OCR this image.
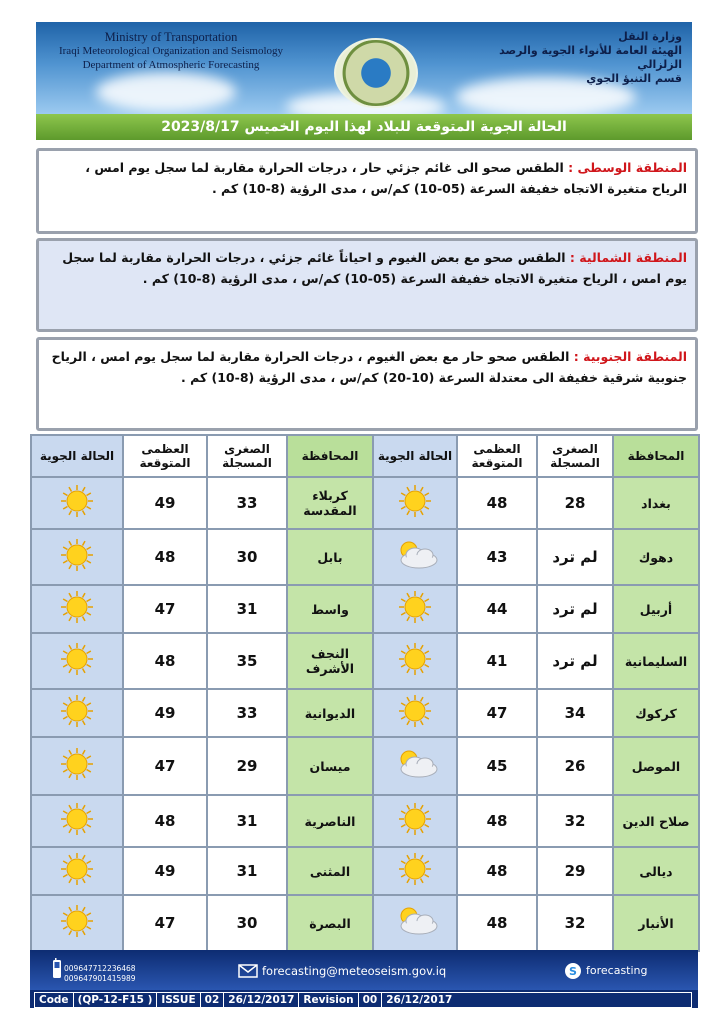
Ministry of Transportation
Iraqi Meteorological Organization and Seismology
Department of Atmospheric Forecasting
وزارة النقل
الهيئة العامة للأنواء الجوية والرصد الزلزالي
قسم التنبؤ الجوي
الحالة الجوية المتوقعة للبلاد لهذا اليوم الخميس 2023/8/17
المنطقة الوسطى : الطقس صحو الى غائم جزئي حار ، درجات الحرارة مقاربة لما سجل يوم امس ، الرياح متغيرة الاتجاه خفيفة السرعة (05-10) كم/س ، مدى الرؤية (8-10) كم .
المنطقة الشمالية : الطقس صحو مع بعض الغيوم و احياناً غائم جزئي ، درجات الحرارة مقاربة لما سجل يوم امس ، الرياح متغيرة الاتجاه خفيفة السرعة (05-10) كم/س ، مدى الرؤية (8-10) كم .
المنطقة الجنوبية : الطقس صحو حار مع بعض الغيوم ، درجات الحرارة مقاربة لما سجل يوم امس ، الرياح جنوبية شرقية خفيفة الى معتدلة السرعة (10-20) كم/س ، مدى الرؤية (8-10) كم .
المحافظة	الصغرى المسجلة	العظمى المتوقعة	الحالة الجوية	المحافظة	الصغرى المسجلة	العظمى المتوقعة	الحالة الجوية
بغداد	28	48		كربلاء المقدسة	33	49	
دهوك	لم ترد	43		بابل	30	48	
أربيل	لم ترد	44		واسط	31	47	
السليمانية	لم ترد	41		النجف الأشرف	35	48	
كركوك	34	47		الديوانية	33	49	
الموصل	26	45		ميسان	29	47	
صلاح الدين	32	48		الناصرية	31	48	
ديالى	29	48		المثنى	31	49	
الأنبار	32	48		البصرة	30	47	
009647712236468
009647901415989
forecasting@meteoseism.gov.iq	S forecasting
Code (QP-12-F15 ) ISSUE 02 26/12/2017 Revision 00 26/12/2017
